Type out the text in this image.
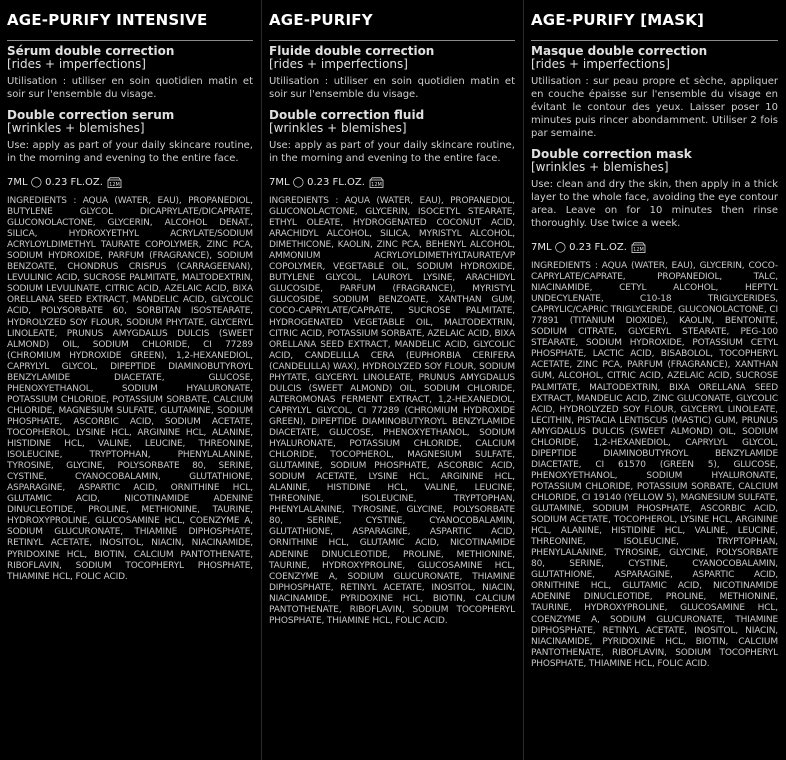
AGE-PURIFY INTENSIVE
Sérum double correction
[rides + imperfections]
Utilisation : utiliser en soin quotidien matin et soir sur l'ensemble du visage.
Double correction serum
[wrinkles + blemishes]
Use: apply as part of your daily skincare routine, in the morning and evening to the entire face.
7ML ◯ 0.23 FL.OZ. 12M
INGREDIENTS : AQUA (WATER, EAU), PROPANEDIOL, BUTYLENE GLYCOL DICAPRYLATE/DICAPRATE, GLUCONOLACTONE, GLYCERIN, ALCOHOL DENAT., SILICA, HYDROXYETHYL ACRYLATE/SODIUM ACRYLOYLDIMETHYL TAURATE COPOLYMER, ZINC PCA, SODIUM HYDROXIDE, PARFUM (FRAGRANCE), SODIUM BENZOATE, CHONDRUS CRISPUS (CARRAGEENAN), LEVULINIC ACID, SUCROSE PALMITATE, MALTODEXTRIN, SODIUM LEVULINATE, CITRIC ACID, AZELAIC ACID, BIXA ORELLANA SEED EXTRACT, MANDELIC ACID, GLYCOLIC ACID, POLYSORBATE 60, SORBITAN ISOSTEARATE, HYDROLYZED SOY FLOUR, SODIUM PHYTATE, GLYCERYL LINOLEATE, PRUNUS AMYGDALUS DULCIS (SWEET ALMOND) OIL, SODIUM CHLORIDE, CI 77289 (CHROMIUM HYDROXIDE GREEN), 1,2-HEXANEDIOL, CAPRYLYL GLYCOL, DIPEPTIDE DIAMINOBUTYROYL BENZYLAMIDE DIACETATE, GLUCOSE, PHENOXYETHANOL, SODIUM HYALURONATE, POTASSIUM CHLORIDE, POTASSIUM SORBATE, CALCIUM CHLORIDE, MAGNESIUM SULFATE, GLUTAMINE, SODIUM PHOSPHATE, ASCORBIC ACID, SODIUM ACETATE, TOCOPHEROL, LYSINE HCL, ARGININE HCL, ALANINE, HISTIDINE HCL, VALINE, LEUCINE, THREONINE, ISOLEUCINE, TRYPTOPHAN, PHENYLALANINE, TYROSINE, GLYCINE, POLYSORBATE 80, SERINE, CYSTINE, CYANOCOBALAMIN, GLUTATHIONE, ASPARAGINE, ASPARTIC ACID, ORNITHINE HCL, GLUTAMIC ACID, NICOTINAMIDE ADENINE DINUCLEOTIDE, PROLINE, METHIONINE, TAURINE, HYDROXYPROLINE, GLUCOSAMINE HCL, COENZYME A, SODIUM GLUCURONATE, THIAMINE DIPHOSPHATE, RETINYL ACETATE, INOSITOL, NIACIN, NIACINAMIDE, PYRIDOXINE HCL, BIOTIN, CALCIUM PANTOTHENATE, RIBOFLAVIN, SODIUM TOCOPHERYL PHOSPHATE, THIAMINE HCL, FOLIC ACID.
AGE-PURIFY
Fluide double correction
[rides + imperfections]
Utilisation : utiliser en soin quotidien matin et soir sur l'ensemble du visage.
Double correction fluid
[wrinkles + blemishes]
Use: apply as part of your daily skincare routine, in the morning and evening to the entire face.
7ML ◯ 0.23 FL.OZ. 12M
INGREDIENTS : AQUA (WATER, EAU), PROPANEDIOL, GLUCONOLACTONE, GLYCERIN, ISOCETYL STEARATE, ETHYL OLEATE, HYDROGENATED COCONUT ACID, ARACHIDYL ALCOHOL, SILICA, MYRISTYL ALCOHOL, DIMETHICONE, KAOLIN, ZINC PCA, BEHENYL ALCOHOL, AMMONIUM ACRYLOYLDIMETHYLTAURATE/VP COPOLYMER, VEGETABLE OIL, SODIUM HYDROXIDE, BUTYLENE GLYCOL, LAUROYL LYSINE, ARACHIDYL GLUCOSIDE, PARFUM (FRAGRANCE), MYRISTYL GLUCOSIDE, SODIUM BENZOATE, XANTHAN GUM, COCO-CAPRYLATE/CAPRATE, SUCROSE PALMITATE, HYDROGENATED VEGETABLE OIL, MALTODEXTRIN, CITRIC ACID, POTASSIUM SORBATE, AZELAIC ACID, BIXA ORELLANA SEED EXTRACT, MANDELIC ACID, GLYCOLIC ACID, CANDELILLA CERA (EUPHORBIA CERIFERA (CANDELILLA) WAX), HYDROLYZED SOY FLOUR, SODIUM PHYTATE, GLYCERYL LINOLEATE, PRUNUS AMYGDALUS DULCIS (SWEET ALMOND) OIL, SODIUM CHLORIDE, ALTEROMONAS FERMENT EXTRACT, 1,2-HEXANEDIOL, CAPRYLYL GLYCOL, CI 77289 (CHROMIUM HYDROXIDE GREEN), DIPEPTIDE DIAMINOBUTYROYL BENZYLAMIDE DIACETATE, GLUCOSE, PHENOXYETHANOL, SODIUM HYALURONATE, POTASSIUM CHLORIDE, CALCIUM CHLORIDE, TOCOPHEROL, MAGNESIUM SULFATE, GLUTAMINE, SODIUM PHOSPHATE, ASCORBIC ACID, SODIUM ACETATE, LYSINE HCL, ARGININE HCL, ALANINE, HISTIDINE HCL, VALINE, LEUCINE, THREONINE, ISOLEUCINE, TRYPTOPHAN, PHENYLALANINE, TYROSINE, GLYCINE, POLYSORBATE 80, SERINE, CYSTINE, CYANOCOBALAMIN, GLUTATHIONE, ASPARAGINE, ASPARTIC ACID, ORNITHINE HCL, GLUTAMIC ACID, NICOTINAMIDE ADENINE DINUCLEOTIDE, PROLINE, METHIONINE, TAURINE, HYDROXYPROLINE, GLUCOSAMINE HCL, COENZYME A, SODIUM GLUCURONATE, THIAMINE DIPHOSPHATE, RETINYL ACETATE, INOSITOL, NIACIN, NIACINAMIDE, PYRIDOXINE HCL, BIOTIN, CALCIUM PANTOTHENATE, RIBOFLAVIN, SODIUM TOCOPHERYL PHOSPHATE, THIAMINE HCL, FOLIC ACID.
AGE-PURIFY [MASK]
Masque double correction
[rides + imperfections]
Utilisation : sur peau propre et sèche, appliquer en couche épaisse sur l'ensemble du visage en évitant le contour des yeux. Laisser poser 10 minutes puis rincer abondamment. Utiliser 2 fois par semaine.
Double correction mask
[wrinkles + blemishes]
Use: clean and dry the skin, then apply in a thick layer to the whole face, avoiding the eye contour area. Leave on for 10 minutes then rinse thoroughly. Use twice a week.
7ML ◯ 0.23 FL.OZ. 12M
INGREDIENTS : AQUA (WATER, EAU), GLYCERIN, COCO-CAPRYLATE/CAPRATE, PROPANEDIOL, TALC, NIACINAMIDE, CETYL ALCOHOL, HEPTYL UNDECYLENATE, C10-18 TRIGLYCERIDES, CAPRYLIC/CAPRIC TRIGLYCERIDE, GLUCONOLACTONE, CI 77891 (TITANIUM DIOXIDE), KAOLIN, BENTONITE, SODIUM CITRATE, GLYCERYL STEARATE, PEG-100 STEARATE, SODIUM HYDROXIDE, POTASSIUM CETYL PHOSPHATE, LACTIC ACID, BISABOLOL, TOCOPHERYL ACETATE, ZINC PCA, PARFUM (FRAGRANCE), XANTHAN GUM, ALCOHOL, CITRIC ACID, AZELAIC ACID, SUCROSE PALMITATE, MALTODEXTRIN, BIXA ORELLANA SEED EXTRACT, MANDELIC ACID, ZINC GLUCONATE, GLYCOLIC ACID, HYDROLYZED SOY FLOUR, GLYCERYL LINOLEATE, LECITHIN, PISTACIA LENTISCUS (MASTIC) GUM, PRUNUS AMYGDALUS DULCIS (SWEET ALMOND) OIL, SODIUM CHLORIDE, 1,2-HEXANEDIOL, CAPRYLYL GLYCOL, DIPEPTIDE DIAMINOBUTYROYL BENZYLAMIDE DIACETATE, CI 61570 (GREEN 5), GLUCOSE, PHENOXYETHANOL, SODIUM HYALURONATE, POTASSIUM CHLORIDE, POTASSIUM SORBATE, CALCIUM CHLORIDE, CI 19140 (YELLOW 5), MAGNESIUM SULFATE, GLUTAMINE, SODIUM PHOSPHATE, ASCORBIC ACID, SODIUM ACETATE, TOCOPHEROL, LYSINE HCL, ARGININE HCL, ALANINE, HISTIDINE HCL, VALINE, LEUCINE, THREONINE, ISOLEUCINE, TRYPTOPHAN, PHENYLALANINE, TYROSINE, GLYCINE, POLYSORBATE 80, SERINE, CYSTINE, CYANOCOBALAMIN, GLUTATHIONE, ASPARAGINE, ASPARTIC ACID, ORNITHINE HCL, GLUTAMIC ACID, NICOTINAMIDE ADENINE DINUCLEOTIDE, PROLINE, METHIONINE, TAURINE, HYDROXYPROLINE, GLUCOSAMINE HCL, COENZYME A, SODIUM GLUCURONATE, THIAMINE DIPHOSPHATE, RETINYL ACETATE, INOSITOL, NIACIN, NIACINAMIDE, PYRIDOXINE HCL, BIOTIN, CALCIUM PANTOTHENATE, RIBOFLAVIN, SODIUM TOCOPHERYL PHOSPHATE, THIAMINE HCL, FOLIC ACID.
